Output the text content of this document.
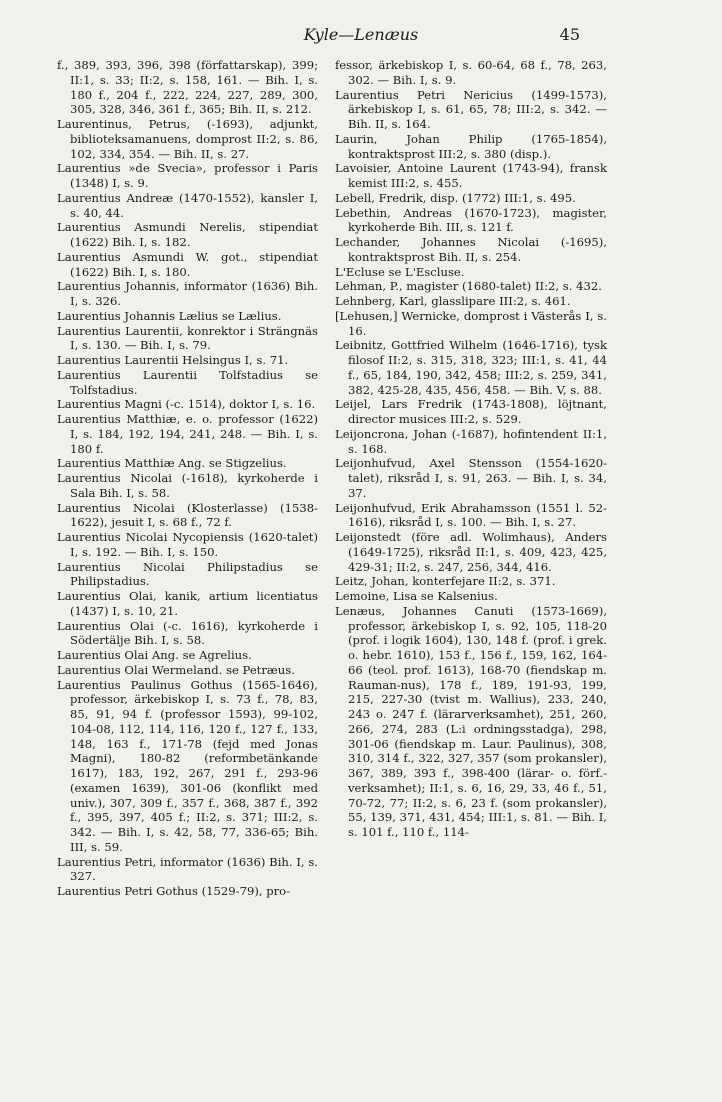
Kyle—Lenæus	45

f., 389, 393, 396, 398 (författarskap), 399; II:1, s. 33; II:2, s. 158, 161. — Bih. I, s. 180 f., 204 f., 222, 224, 227, 289, 300, 305, 328, 346, 361 f., 365; Bih. II, s. 212.

Laurentinus, Petrus, (-1693), adjunkt, biblioteksamanuens, domprost II:2, s. 86, 102, 334, 354. — Bih. II, s. 27.

Laurentius »de Svecia», professor i Paris (1348) I, s. 9.

Laurentius Andreæ (1470-1552), kansler I, s. 40, 44.

Laurentius Asmundi Nerelis, stipendiat (1622) Bih. I, s. 182.

Laurentius Asmundi W. got., stipendiat (1622) Bih. I, s. 180.

Laurentius Johannis, informator (1636) Bih. I, s. 326.

Laurentius Johannis Lælius se Lælius.

Laurentius Laurentii, konrektor i Strängnäs I, s. 130. — Bih. I, s. 79.

Laurentius Laurentii Helsingus I, s. 71.

Laurentius Laurentii Tolfstadius se Tolfstadius.

Laurentius Magni (-c. 1514), doktor I, s. 16.

Laurentius Matthiæ, e. o. professor (1622) I, s. 184, 192, 194, 241, 248. — Bih. I, s. 180 f.

Laurentius Matthiæ Ang. se Stigzelius.

Laurentius Nicolai (-1618), kyrkoherde i Sala Bih. I, s. 58.

Laurentius Nicolai (Klosterlasse) (1538-1622), jesuit I, s. 68 f., 72 f.

Laurentius Nicolai Nycopiensis (1620-talet) I, s. 192. — Bih. I, s. 150.

Laurentius Nicolai Philipstadius se Philipstadius.

Laurentius Olai, kanik, artium licentiatus (1437) I, s. 10, 21.

Laurentius Olai (-c. 1616), kyrkoherde i Södertälje Bih. I, s. 58.

Laurentius Olai Ang. se Agrelius.

Laurentius Olai Wermeland. se Petræus.

Laurentius Paulinus Gothus (1565-1646), professor, ärkebiskop I, s. 73 f., 78, 83, 85, 91, 94 f. (professor 1593), 99-102, 104-08, 112, 114, 116, 120 f., 127 f., 133, 148, 163 f., 171-78 (fejd med Jonas Magni), 180-82 (reformbetänkande 1617), 183, 192, 267, 291 f., 293-96 (examen 1639), 301-06 (konflikt med univ.), 307, 309 f., 357 f., 368, 387 f., 392 f., 395, 397, 405 f.; II:2, s. 371; III:2, s. 342. — Bih. I, s. 42, 58, 77, 336-65; Bih. III, s. 59.

Laurentius Petri, informator (1636) Bih. I, s. 327.

Laurentius Petri Gothus (1529-79), pro-

fessor, ärkebiskop I, s. 60-64, 68 f., 78, 263, 302. — Bih. I, s. 9.

Laurentius Petri Nericius (1499-1573), ärkebiskop I, s. 61, 65, 78; III:2, s. 342. — Bih. II, s. 164.

Laurin, Johan Philip (1765-1854), kontraktsprost III:2, s. 380 (disp.).

Lavoisier, Antoine Laurent (1743-94), fransk kemist III:2, s. 455.

Lebell, Fredrik, disp. (1772) III:1, s. 495.

Lebethin, Andreas (1670-1723), magister, kyrkoherde Bih. III, s. 121 f.

Lechander, Johannes Nicolai (-1695), kontraktsprost Bih. II, s. 254.

L'Ecluse se L'Escluse.

Lehman, P., magister (1680-talet) II:2, s. 432.

Lehnberg, Karl, glasslipare III:2, s. 461.

[Lehusen,] Wernicke, domprost i Västerås I, s. 16.

Leibnitz, Gottfried Wilhelm (1646-1716), tysk filosof II:2, s. 315, 318, 323; III:1, s. 41, 44 f., 65, 184, 190, 342, 458; III:2, s. 259, 341, 382, 425-28, 435, 456, 458. — Bih. V, s. 88.

Leijel, Lars Fredrik (1743-1808), löjtnant, director musices III:2, s. 529.

Leijoncrona, Johan (-1687), hofintendent II:1, s. 168.

Leijonhufvud, Axel Stensson (1554-1620-talet), riksråd I, s. 91, 263. — Bih. I, s. 34, 37.

Leijonhufvud, Erik Abrahamsson (1551 l. 52-1616), riksråd I, s. 100. — Bih. I, s. 27.

Leijonstedt (före adl. Wolimhaus), Anders (1649-1725), riksråd II:1, s. 409, 423, 425, 429-31; II:2, s. 247, 256, 344, 416.

Leitz, Johan, konterfejare II:2, s. 371.

Lemoine, Lisa se Kalsenius.

Lenæus, Johannes Canuti (1573-1669), professor, ärkebiskop I, s. 92, 105, 118-20 (prof. i logik 1604), 130, 148 f. (prof. i grek. o. hebr. 1610), 153 f., 156 f., 159, 162, 164-66 (teol. prof. 1613), 168-70 (fiendskap m. Rauman-nus), 178 f., 189, 191-93, 199, 215, 227-30 (tvist m. Wallius), 233, 240, 243 o. 247 f. (lärarverksamhet), 251, 260, 266, 274, 283 (L:i ordningsstadga), 298, 301-06 (fiendskap m. Laur. Paulinus), 308, 310, 314 f., 322, 327, 357 (som prokansler), 367, 389, 393 f., 398-400 (lärar- o. förf.-verksamhet); II:1, s. 6, 16, 29, 33, 46 f., 51, 70-72, 77; II:2, s. 6, 23 f. (som prokansler), 55, 139, 371, 431, 454; III:1, s. 81. — Bih. I, s. 101 f., 110 f., 114-
